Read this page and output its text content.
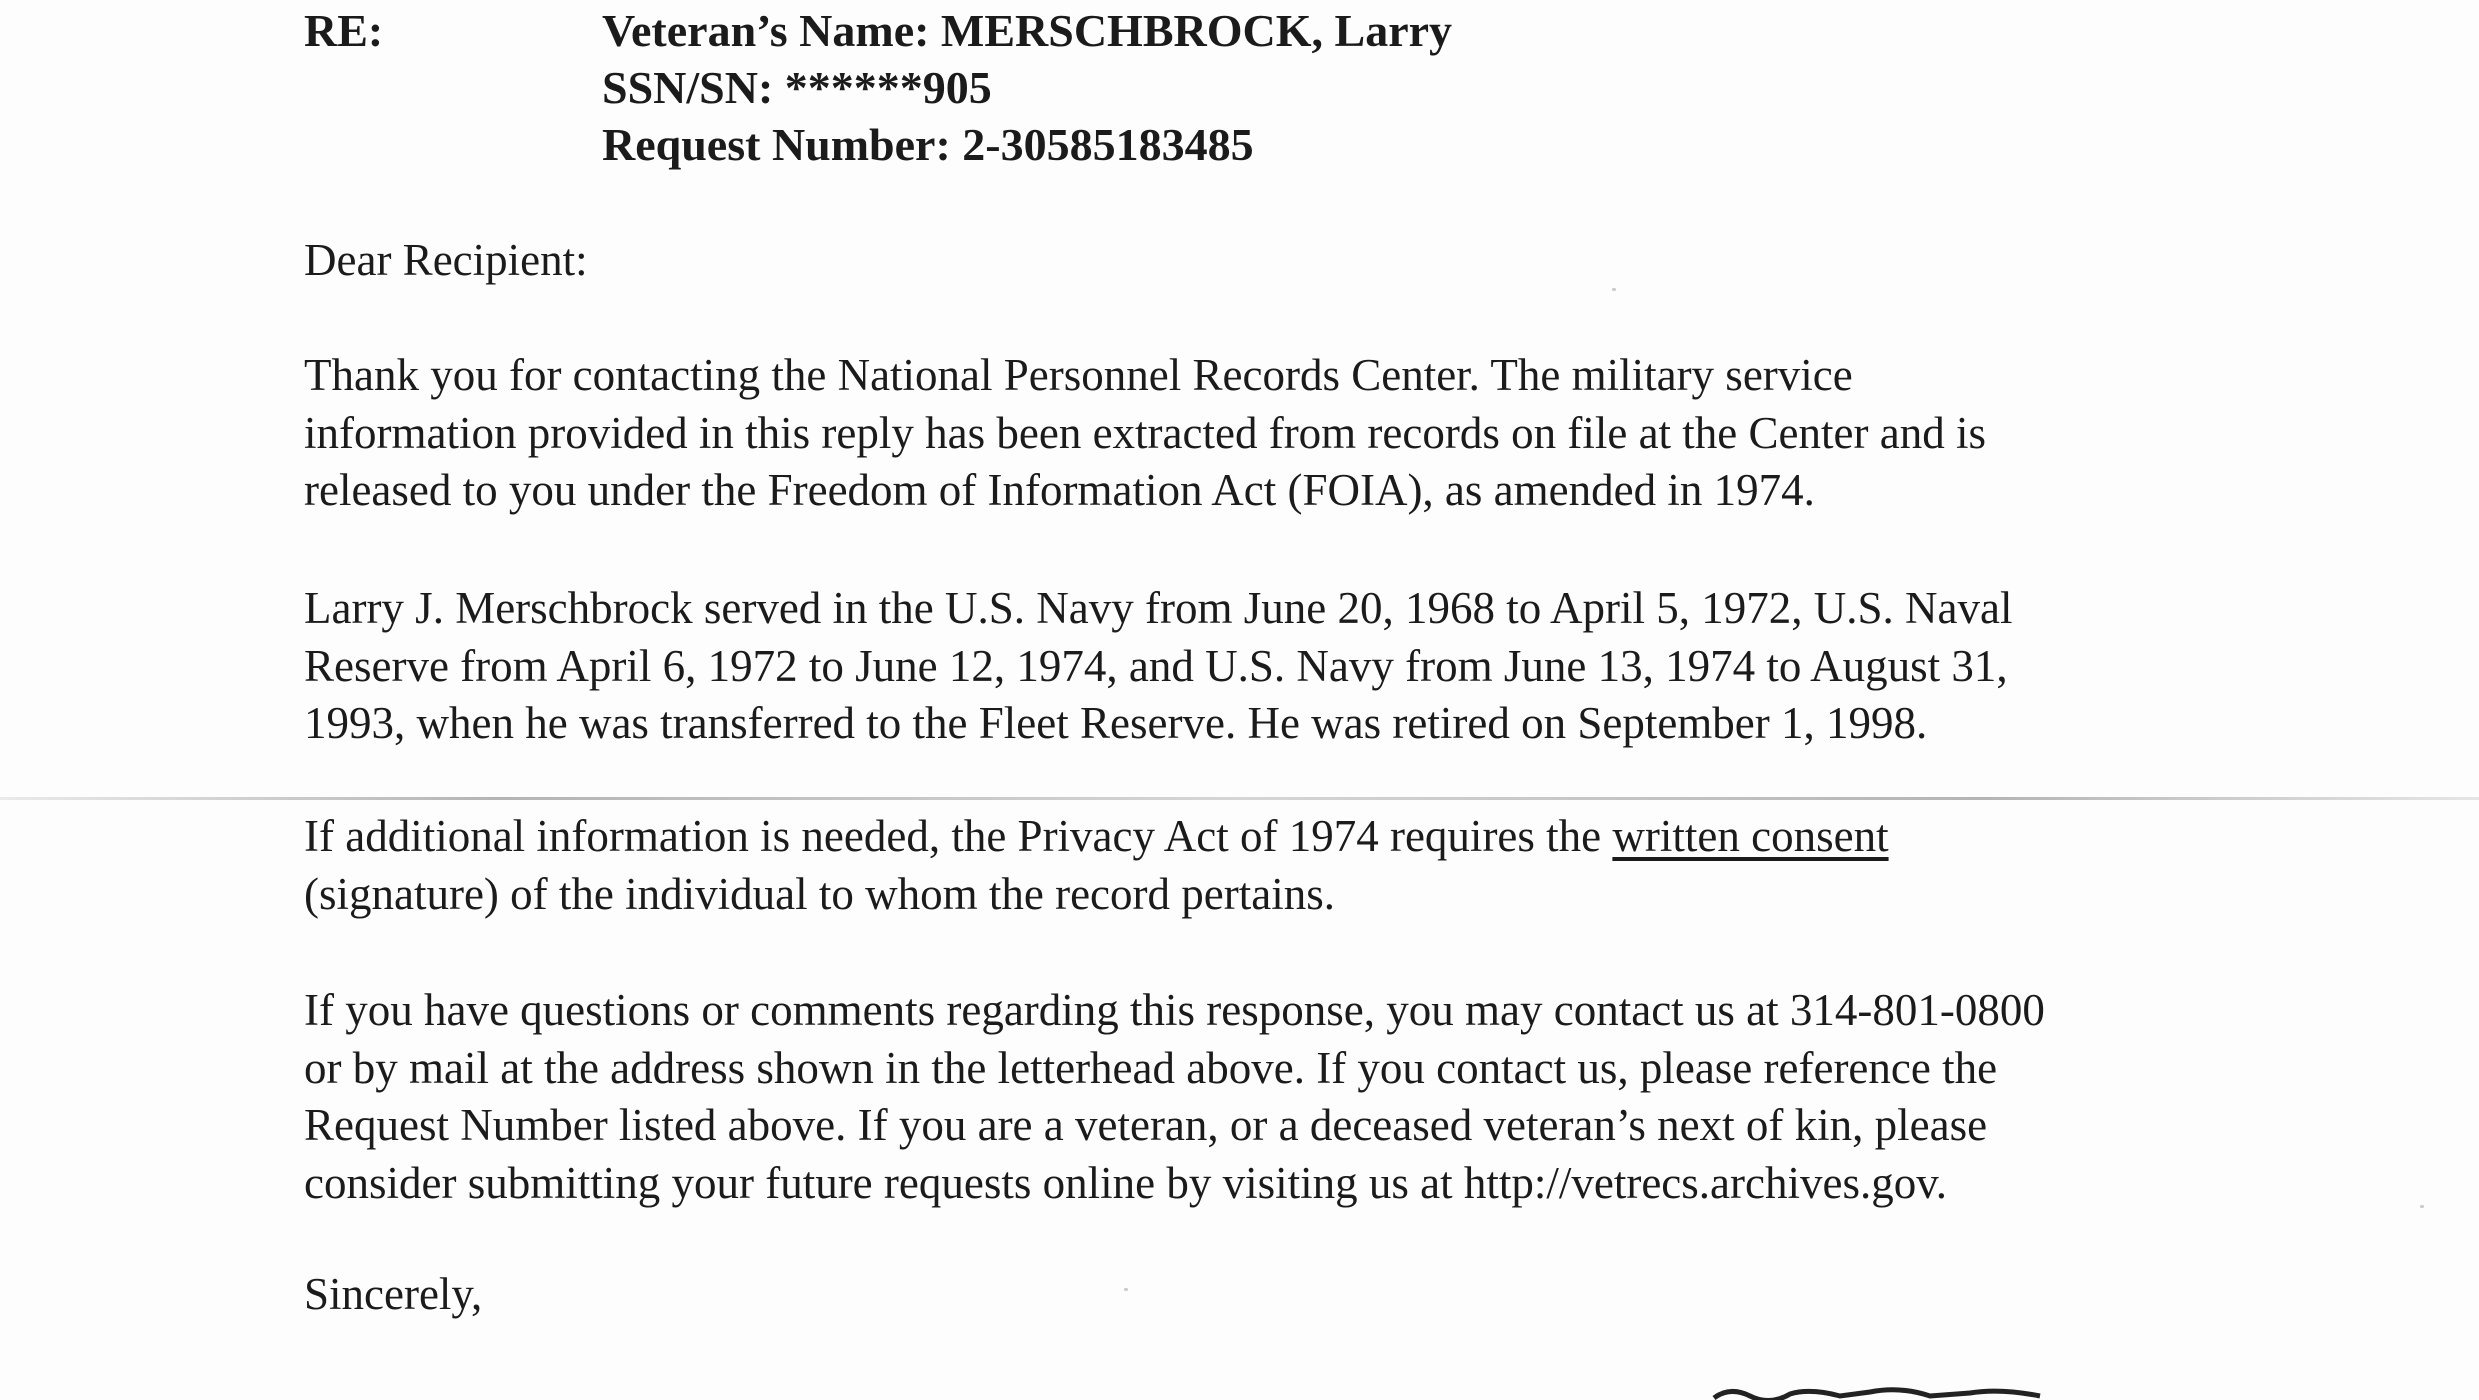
RE:	Veteran’s Name: MERSCHBROCK, Larry
SSN/SN: ******905
Request Number: 2-30585183485
Dear Recipient:
Thank you for contacting the National Personnel Records Center. The military service
information provided in this reply has been extracted from records on file at the Center and is
released to you under the Freedom of Information Act (FOIA), as amended in 1974.
Larry J. Merschbrock served in the U.S. Navy from June 20, 1968 to April 5, 1972, U.S. Naval
Reserve from April 6, 1972 to June 12, 1974, and U.S. Navy from June 13, 1974 to August 31,
1993, when he was transferred to the Fleet Reserve. He was retired on September 1, 1998.
If additional information is needed, the Privacy Act of 1974 requires the written consent
(signature) of the individual to whom the record pertains.
If you have questions or comments regarding this response, you may contact us at 314-801-0800
or by mail at the address shown in the letterhead above. If you contact us, please reference the
Request Number listed above. If you are a veteran, or a deceased veteran’s next of kin, please
consider submitting your future requests online by visiting us at http://vetrecs.archives.gov.
Sincerely,
